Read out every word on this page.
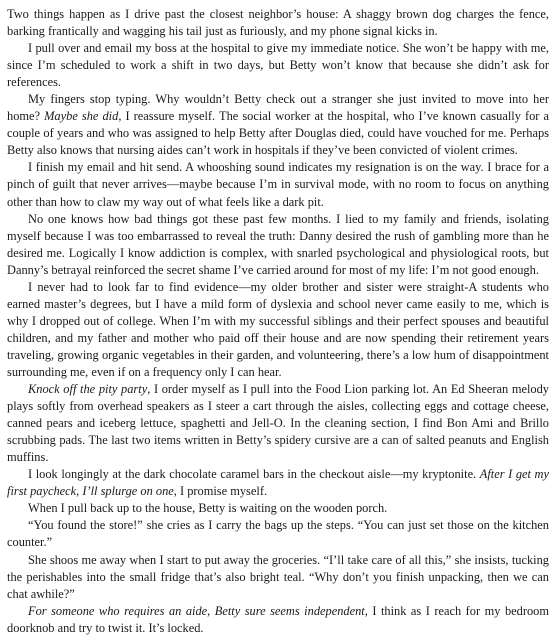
Two things happen as I drive past the closest neighbor’s house: A shaggy brown dog charges the fence, barking frantically and wagging his tail just as furiously, and my phone signal kicks in.

I pull over and email my boss at the hospital to give my immediate notice. She won’t be happy with me, since I’m scheduled to work a shift in two days, but Betty won’t know that because she didn’t ask for references.

My fingers stop typing. Why wouldn’t Betty check out a stranger she just invited to move into her home? Maybe she did, I reassure myself. The social worker at the hospital, who I’ve known casually for a couple of years and who was assigned to help Betty after Douglas died, could have vouched for me. Perhaps Betty also knows that nursing aides can’t work in hospitals if they’ve been convicted of violent crimes.

I finish my email and hit send. A whooshing sound indicates my resignation is on the way. I brace for a pinch of guilt that never arrives—maybe because I’m in survival mode, with no room to focus on anything other than how to claw my way out of what feels like a dark pit.

No one knows how bad things got these past few months. I lied to my family and friends, isolating myself because I was too embarrassed to reveal the truth: Danny desired the rush of gambling more than he desired me. Logically I know addiction is complex, with snarled psychological and physiological roots, but Danny’s betrayal reinforced the secret shame I’ve carried around for most of my life: I’m not good enough.

I never had to look far to find evidence—my older brother and sister were straight-A students who earned master’s degrees, but I have a mild form of dyslexia and school never came easily to me, which is why I dropped out of college. When I’m with my successful siblings and their perfect spouses and beautiful children, and my father and mother who paid off their house and are now spending their retirement years traveling, growing organic vegetables in their garden, and volunteering, there’s a low hum of disappointment surrounding me, even if on a frequency only I can hear.

Knock off the pity party, I order myself as I pull into the Food Lion parking lot. An Ed Sheeran melody plays softly from overhead speakers as I steer a cart through the aisles, collecting eggs and cottage cheese, canned pears and iceberg lettuce, spaghetti and Jell-O. In the cleaning section, I find Bon Ami and Brillo scrubbing pads. The last two items written in Betty’s spidery cursive are a can of salted peanuts and English muffins.

I look longingly at the dark chocolate caramel bars in the checkout aisle—my kryptonite. After I get my first paycheck, I’ll splurge on one, I promise myself.

When I pull back up to the house, Betty is waiting on the wooden porch.

“You found the store!” she cries as I carry the bags up the steps. “You can just set those on the kitchen counter.”

She shoos me away when I start to put away the groceries. “I’ll take care of all this,” she insists, tucking the perishables into the small fridge that’s also bright teal. “Why don’t you finish unpacking, then we can chat awhile?”

For someone who requires an aide, Betty sure seems independent, I think as I reach for my bedroom doorknob and try to twist it. It’s locked.
